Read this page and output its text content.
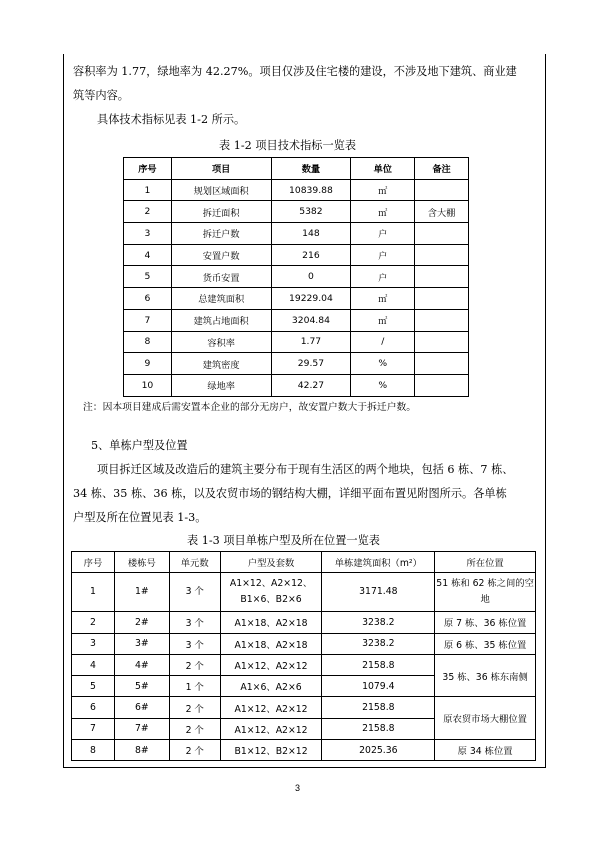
容积率为 1.77，绿地率为 42.27%。项目仅涉及住宅楼的建设，不涉及地下建筑、商业建
筑等内容。
具体技术指标见表 1-2 所示。
表 1-2 项目技术指标一览表
序号	项目	数量	单位	备注
1	规划区域面积	10839.88	㎡	
2	拆迁面积	5382	㎡	含大棚
3	拆迁户数	148	户	
4	安置户数	216	户	
5	货币安置	0	户	
6	总建筑面积	19229.04	㎡	
7	建筑占地面积	3204.84	㎡	
8	容积率	1.77	/	
9	建筑密度	29.57	%	
10	绿地率	42.27	%	
注：因本项目建成后需安置本企业的部分无房户，故安置户数大于拆迁户数。
5、单栋户型及位置
项目拆迁区域及改造后的建筑主要分布于现有生活区的两个地块，包括 6 栋、7 栋、
34 栋、35 栋、36 栋，以及农贸市场的钢结构大棚，详细平面布置见附图所示。各单栋
户型及所在位置见表 1-3。
表 1-3 项目单栋户型及所在位置一览表
序号	楼栋号	单元数	户型及套数	单栋建筑面积（m²）	所在位置
1	1#	3 个	A1×12、A2×12、
B1×6、B2×6	3171.48	51 栋和 62 栋之间的空地
2	2#	3 个	A1×18、A2×18	3238.2	原 7 栋、36 栋位置
3	3#	3 个	A1×18、A2×18	3238.2	原 6 栋、35 栋位置
4	4#	2 个	A1×12、A2×12	2158.8	35 栋、36 栋东南侧
5	5#	1 个	A1×6、A2×6	1079.4	
6	6#	2 个	A1×12、A2×12	2158.8	原农贸市场大棚位置
7	7#	2 个	A1×12、A2×12	2158.8	
8	8#	2 个	B1×12、B2×12	2025.36	原 34 栋位置
3
